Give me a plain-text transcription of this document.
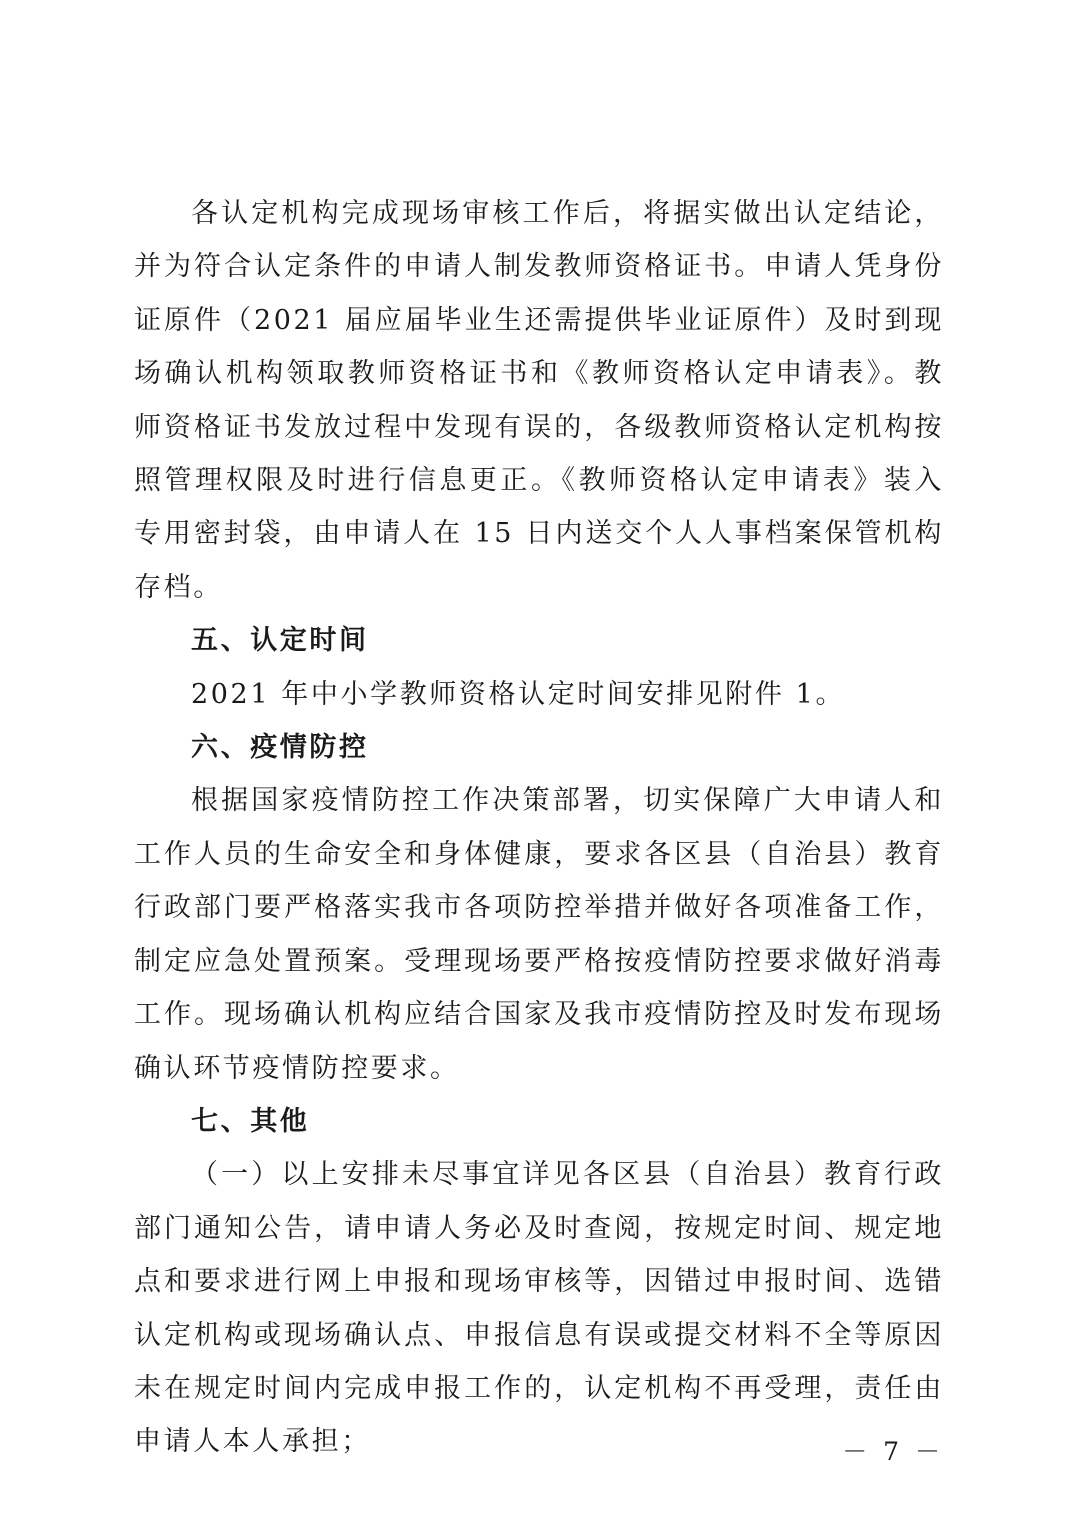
各认定机构完成现场审核工作后，将据实做出认定结论，并为符合认定条件的申请人制发教师资格证书。申请人凭身份证原件（2021 届应届毕业生还需提供毕业证原件）及时到现场确认机构领取教师资格证书和《教师资格认定申请表》。教师资格证书发放过程中发现有误的，各级教师资格认定机构按照管理权限及时进行信息更正。《教师资格认定申请表》装入专用密封袋，由申请人在 15 日内送交个人人事档案保管机构存档。

五、认定时间

2021 年中小学教师资格认定时间安排见附件 1。

六、疫情防控

根据国家疫情防控工作决策部署，切实保障广大申请人和工作人员的生命安全和身体健康，要求各区县（自治县）教育行政部门要严格落实我市各项防控举措并做好各项准备工作，制定应急处置预案。受理现场要严格按疫情防控要求做好消毒工作。现场确认机构应结合国家及我市疫情防控及时发布现场确认环节疫情防控要求。

七、其他

（一）以上安排未尽事宜详见各区县（自治县）教育行政部门通知公告，请申请人务必及时查阅，按规定时间、规定地点和要求进行网上申报和现场审核等，因错过申报时间、选错认定机构或现场确认点、申报信息有误或提交材料不全等原因未在规定时间内完成申报工作的，认定机构不再受理，责任由申请人本人承担；	－ 7 －
